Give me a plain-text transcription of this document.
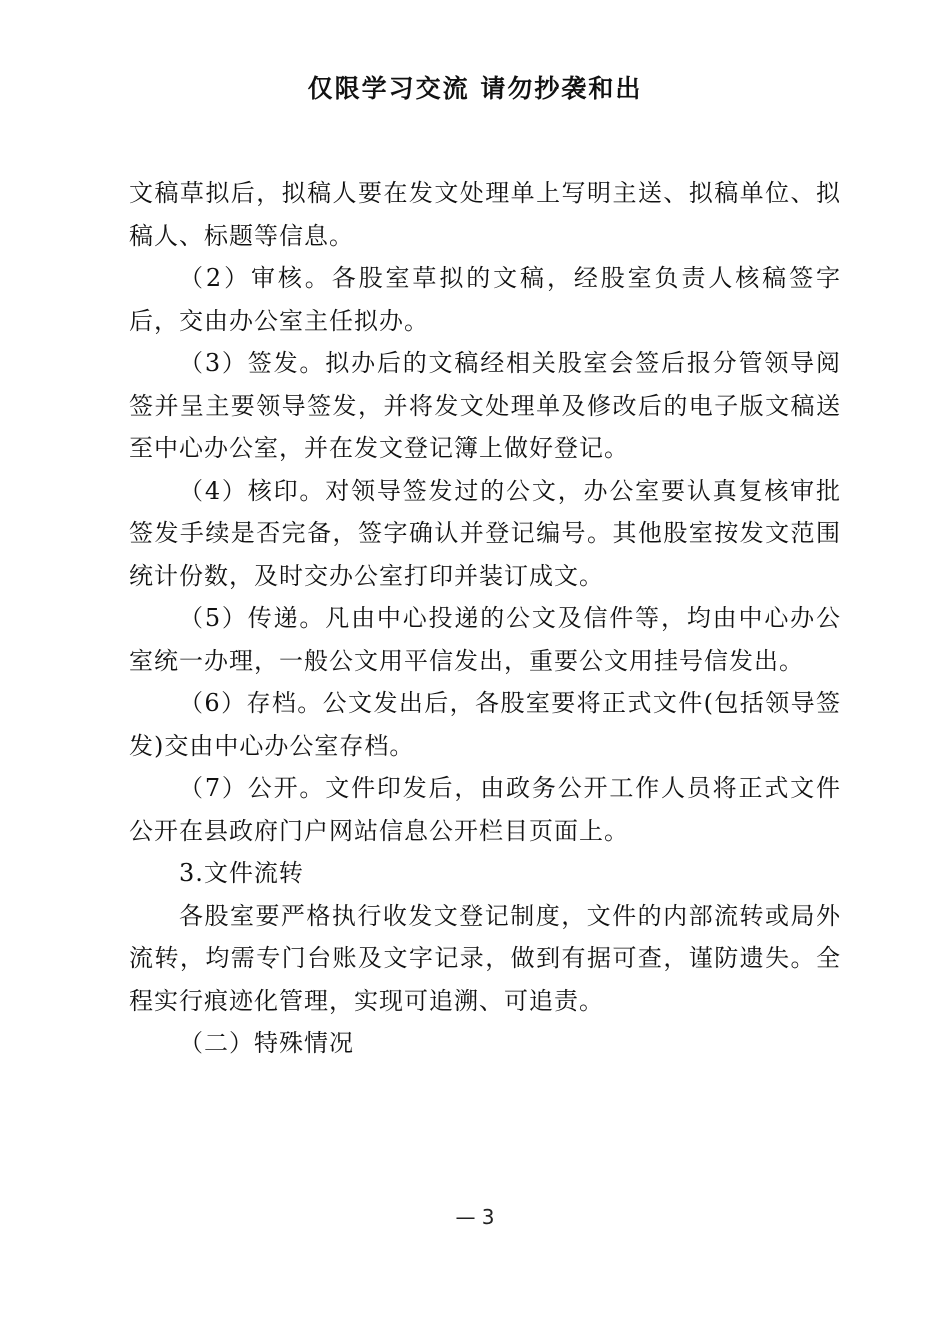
仅限学习交流 请勿抄袭和出

文稿草拟后，拟稿人要在发文处理单上写明主送、拟稿单位、拟稿人、标题等信息。

（2）审核。各股室草拟的文稿，经股室负责人核稿签字后，交由办公室主任拟办。

（3）签发。拟办后的文稿经相关股室会签后报分管领导阅签并呈主要领导签发，并将发文处理单及修改后的电子版文稿送 至中心办公室，并在发文登记簿上做好登记。

（4）核印。对领导签发过的公文，办公室要认真复核审批签发手续是否完备，签字确认并登记编号。其他股室按发文范围 统计份数，及时交办公室打印并装订成文。

（5）传递。凡由中心投递的公文及信件等，均由中心办公室统一办理，一般公文用平信发出，重要公文用挂号信发出。

（6）存档。公文发出后，各股室要将正式文件(包括领导签发)交由中心办公室存档。

（7）公开。文件印发后，由政务公开工作人员将正式文件公开在县政府门户网站信息公开栏目页面上。

3.文件流转

各股室要严格执行收发文登记制度，文件的内部流转或局外流转，均需专门台账及文字记录，做到有据可查，谨防遗失。全程实行痕迹化管理，实现可追溯、可追责。

（二）特殊情况

— 3
